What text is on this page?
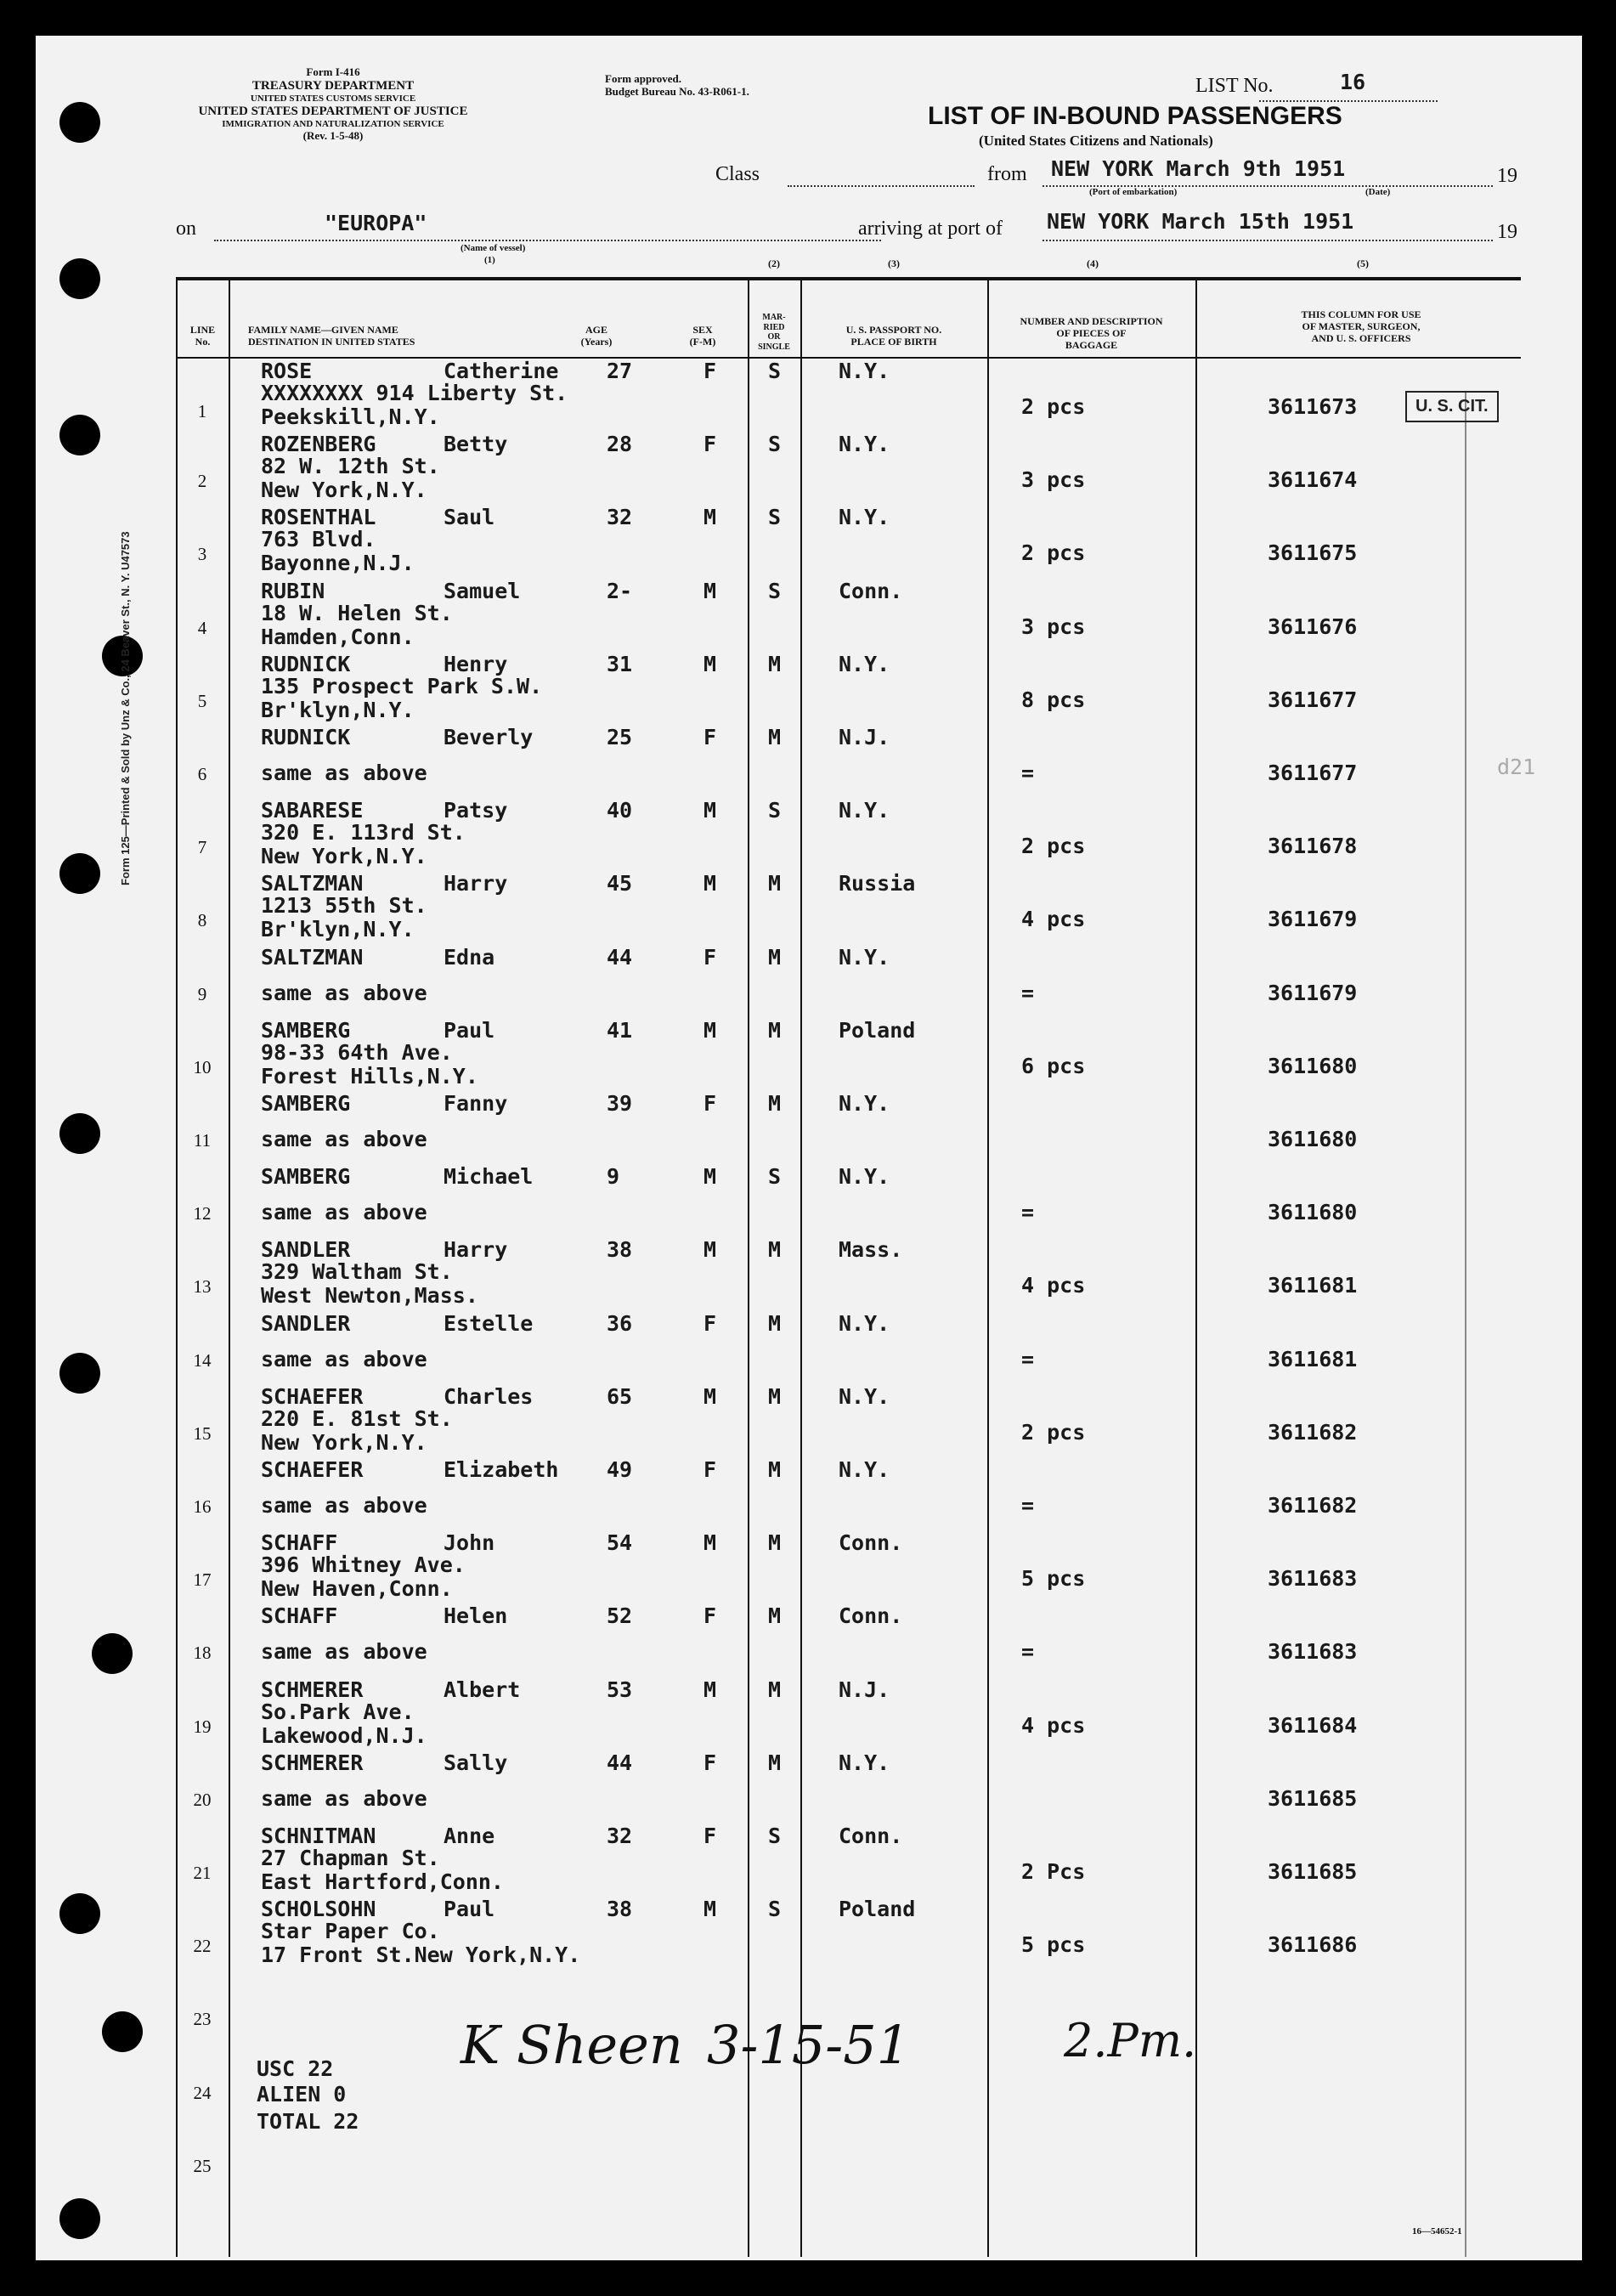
Form 125—Printed & Sold by Unz & Co., 24 Beaver St., N. Y. U47573
Form I-416
TREASURY DEPARTMENT
UNITED STATES CUSTOMS SERVICE
UNITED STATES DEPARTMENT OF JUSTICE
IMMIGRATION AND NATURALIZATION SERVICE
(Rev. 1-5-48)
Form approved.
Budget Bureau No. 43-R061-1.	LIST No.	16
LIST OF IN-BOUND PASSENGERS
(United States Citizens and Nationals)
Class	from NEW YORK March 9th 1951	19
(Port of embarkation)	(Date)
on	"EUROPA"
(Name of vessel)
(1)
arriving at port of NEW YORK March 15th 1951	19
(2)	(3)	(4)	(5)
LINE
No.
FAMILY NAME—GIVEN NAME
DESTINATION IN UNITED STATES
AGE
(Years)
SEX
(F-M)
MAR-
RIED
OR
SINGLE
U. S. PASSPORT NO.
PLACE OF BIRTH
NUMBER AND DESCRIPTION
OF PIECES OF
BAGGAGE
THIS COLUMN FOR USE
OF MASTER, SURGEON,
AND U. S. OFFICERS
1
ROSE	Catherine
XXXXXXXX 914 Liberty St.
Peekskill,N.Y.
27	F S	N.Y.
2 pcs	3611673
2
ROZENBERG	Betty
82 W. 12th St.
New York,N.Y.
28	F S	N.Y.
3 pcs	3611674
3
ROSENTHAL	Saul
763 Blvd.
Bayonne,N.J.
32	M S	N.Y.
2 pcs	3611675
4
RUBIN	Samuel
18 W. Helen St.
Hamden,Conn.
2-	M S	Conn.
3 pcs	3611676
5
RUDNICK	Henry
135 Prospect Park S.W.
Br'klyn,N.Y.
31	M M	N.Y.
8 pcs	3611677
6
RUDNICK	Beverly
same as above
25	F M	N.J.
=	3611677
7
SABARESE	Patsy
320 E. 113rd St.
New York,N.Y.
40	M S	N.Y.
2 pcs	3611678
8
SALTZMAN	Harry
1213 55th St.
Br'klyn,N.Y.
45	M M	Russia
4 pcs	3611679
9
SALTZMAN	Edna
same as above
44	F M	N.Y.
=	3611679
10
SAMBERG	Paul
98-33 64th Ave.
Forest Hills,N.Y.
41	M M	Poland
6 pcs	3611680
11
SAMBERG	Fanny
same as above
39	F M	N.Y.
3611680
12
SAMBERG	Michael
same as above
9	M S	N.Y.
=	3611680
13
SANDLER	Harry
329 Waltham St.
West Newton,Mass.
38	M M	Mass.
4 pcs	3611681
14
SANDLER	Estelle
same as above
36	F M	N.Y.
=	3611681
15
SCHAEFER	Charles
220 E. 81st St.
New York,N.Y.
65	M M	N.Y.
2 pcs	3611682
16
SCHAEFER	Elizabeth
same as above
49	F M	N.Y.
=	3611682
17
SCHAFF	John
396 Whitney Ave.
New Haven,Conn.
54	M M	Conn.
5 pcs	3611683
18
SCHAFF	Helen
same as above
52	F M	Conn.
=	3611683
19
SCHMERER	Albert
So.Park Ave.
Lakewood,N.J.
53	M M	N.J.
4 pcs	3611684
20
SCHMERER	Sally
same as above
44	F M	N.Y.
3611685
21
SCHNITMAN	Anne
27 Chapman St.
East Hartford,Conn.
32	F S	Conn.
2 Pcs	3611685
22
SCHOLSOHN	Paul
Star Paper Co.
17 Front St.New York,N.Y.
38	M S	Poland
5 pcs	3611686
23
24
25
U. S. CIT.
d21
USC 22
ALIEN 0
TOTAL 22
K Sheen 3-15-51	2.Pm.
16—54652-1
